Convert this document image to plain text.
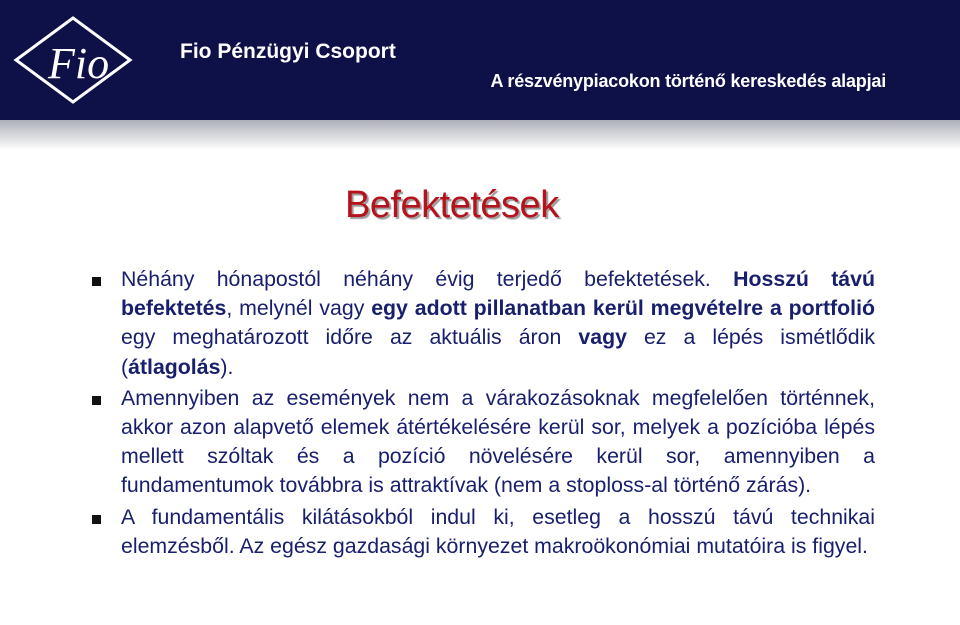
Fio	Fio Pénzügyi Csoport
A részvénypiacokon történő kereskedés alapjai
Befektetések
Néhány hónapostól néhány évig terjedő befektetések. Hosszú távú befektetés, melynél vagy egy adott pillanatban kerül megvételre a portfolió egy meghatározott időre az aktuális áron vagy ez a lépés ismétlődik (átlagolás).
Amennyiben az események nem a várakozásoknak megfelelően történnek, akkor azon alapvető elemek átértékelésére kerül sor, melyek a pozícióba lépés mellett szóltak és a pozíció növelésére kerül sor, amennyiben a fundamentumok továbbra is attraktívak (nem a stoploss-al történő zárás).
A fundamentális kilátásokból indul ki, esetleg a hosszú távú technikai elemzésből. Az egész gazdasági környezet makroökonómiai mutatóira is figyel.
